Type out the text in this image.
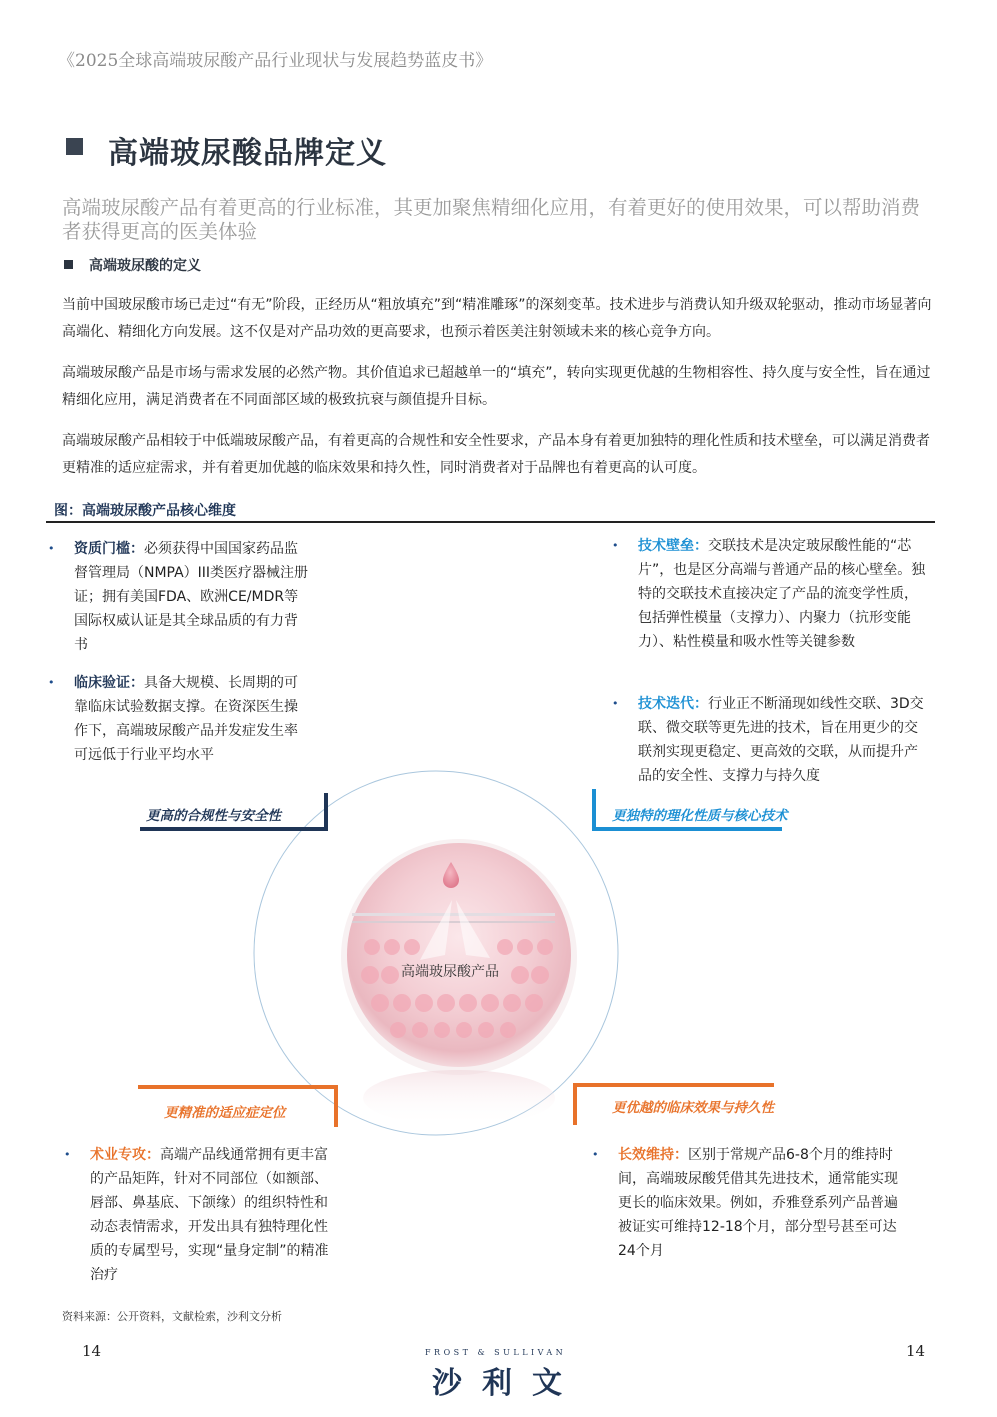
《2025全球高端玻尿酸产品行业现状与发展趋势蓝皮书》
高端玻尿酸品牌定义
高端玻尿酸产品有着更高的行业标准，其更加聚焦精细化应用，有着更好的使用效果，可以帮助消费者获得更高的医美体验
高端玻尿酸的定义
当前中国玻尿酸市场已走过“有无”阶段，正经历从“粗放填充”到“精准雕琢”的深刻变革。技术进步与消费认知升级双轮驱动，推动市场显著向高端化、精细化方向发展。这不仅是对产品功效的更高要求，也预示着医美注射领域未来的核心竞争方向。
高端玻尿酸产品是市场与需求发展的必然产物。其价值追求已超越单一的“填充”，转向实现更优越的生物相容性、持久度与安全性，旨在通过精细化应用，满足消费者在不同面部区域的极致抗衰与颜值提升目标。
高端玻尿酸产品相较于中低端玻尿酸产品，有着更高的合规性和安全性要求，产品本身有着更加独特的理化性质和技术壁垒，可以满足消费者更精准的适应症需求，并有着更加优越的临床效果和持久性，同时消费者对于品牌也有着更高的认可度。
图：高端玻尿酸产品核心维度
高端玻尿酸产品
更高的合规性与安全性	更独特的理化性质与核心技术
更精准的适应症定位	更优越的临床效果与持久性
• 资质门槛：必须获得中国国家药品监督管理局（NMPA）III类医疗器械注册证；拥有美国FDA、欧洲CE/MDR等国际权威认证是其全球品质的有力背书
• 临床验证：具备大规模、长周期的可靠临床试验数据支撑。在资深医生操作下，高端玻尿酸产品并发症发生率可远低于行业平均水平
• 技术壁垒：交联技术是决定玻尿酸性能的“芯片”，也是区分高端与普通产品的核心壁垒。独特的交联技术直接决定了产品的流变学性质，包括弹性模量（支撑力）、内聚力（抗形变能力）、粘性模量和吸水性等关键参数
• 技术迭代：行业正不断涌现如线性交联、3D交联、微交联等更先进的技术，旨在用更少的交联剂实现更稳定、更高效的交联，从而提升产品的安全性、支撑力与持久度
• 术业专攻：高端产品线通常拥有更丰富的产品矩阵，针对不同部位（如额部、唇部、鼻基底、下颌缘）的组织特性和动态表情需求，开发出具有独特理化性质的专属型号，实现“量身定制”的精准治疗
• 长效维持：区别于常规产品6-8个月的维持时间，高端玻尿酸凭借其先进技术，通常能实现更长的临床效果。例如，乔雅登系列产品普遍被证实可维持12-18个月，部分型号甚至可达24个月
资料来源：公开资料，文献检索，沙利文分析
14	14
FROST & SULLIVAN
沙利文
